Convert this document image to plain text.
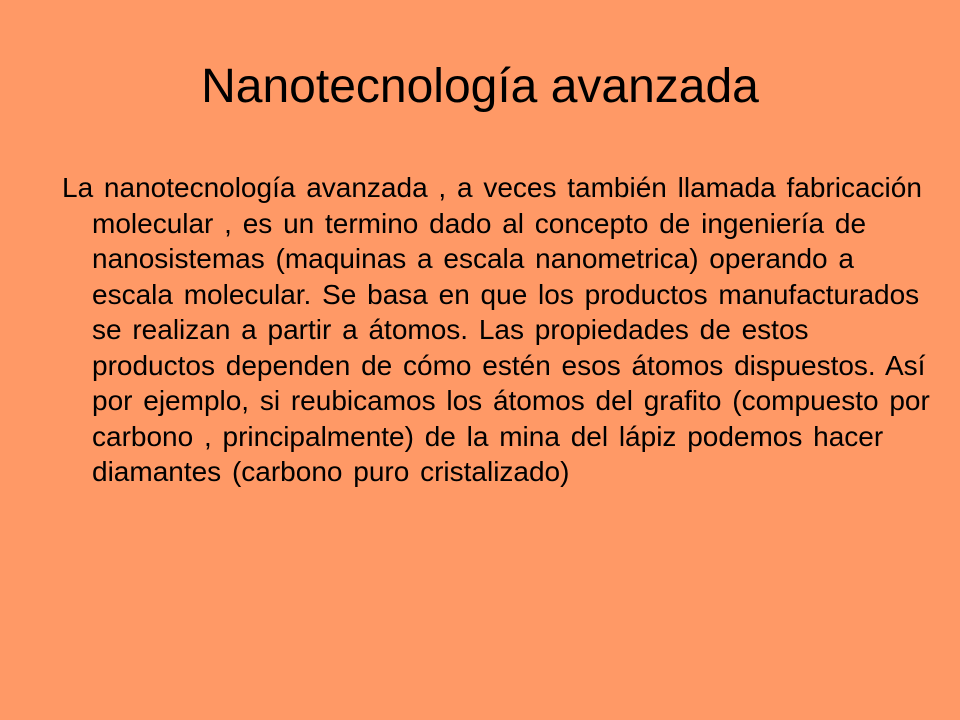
Nanotecnología avanzada
La nanotecnología avanzada , a veces también llamada fabricación molecular , es un termino dado al concepto de ingeniería de nanosistemas (maquinas a escala nanometrica) operando a escala molecular. Se basa en que los productos manufacturados se realizan a partir a átomos. Las propiedades de estos productos dependen de cómo estén esos átomos dispuestos. Así por ejemplo, si reubicamos los átomos del grafito (compuesto por carbono , principalmente) de la mina del lápiz podemos hacer diamantes (carbono puro cristalizado)
